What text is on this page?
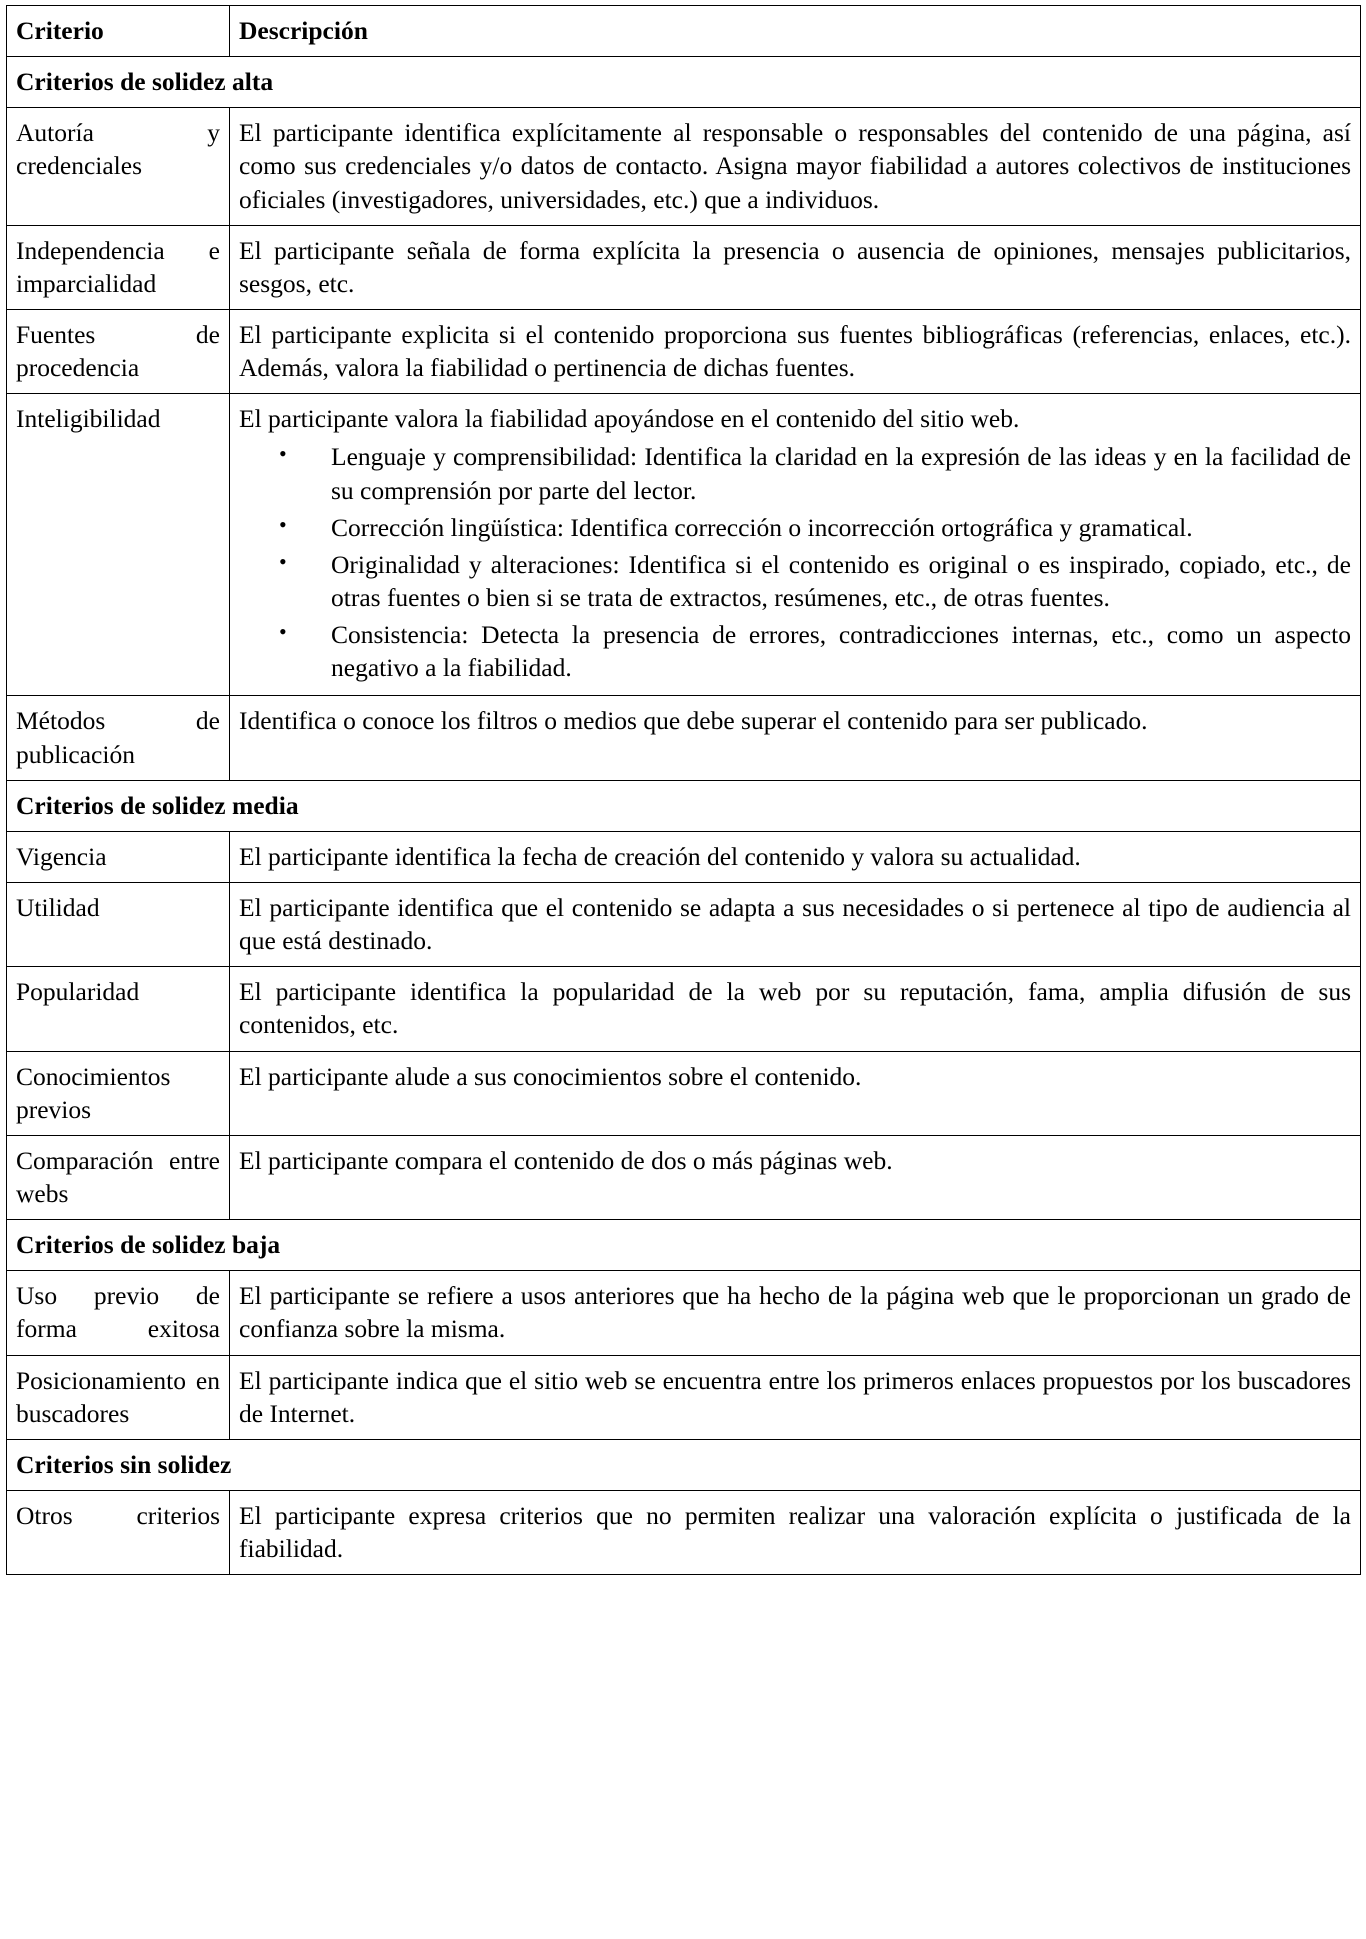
Criterio	Descripción
Criterios de solidez alta	
Autoría y credenciales	El participante identifica explícitamente al responsable o responsables del contenido de una página, así como sus credenciales y/o datos de contacto. Asigna mayor fiabilidad a autores colectivos de instituciones oficiales (investigadores, universidades, etc.) que a individuos.

Independencia e imparcialidad	El participante señala de forma explícita la presencia o ausencia de opiniones, mensajes publicitarios, sesgos, etc.

Fuentes de procedencia	El participante explicita si el contenido proporciona sus fuentes bibliográficas (referencias, enlaces, etc.). Además, valora la fiabilidad o pertinencia de dichas fuentes.

Inteligibilidad	El participante valora la fiabilidad apoyándose en el contenido del sitio web.

• Lenguaje y comprensibilidad: Identifica la claridad en la expresión de las ideas y en la facilidad de su comprensión por parte del lector.
• Corrección lingüística: Identifica corrección o incorrección ortográfica y gramatical.
• Originalidad y alteraciones: Identifica si el contenido es original o es inspirado, copiado, etc., de otras fuentes o bien si se trata de extractos, resúmenes, etc., de otras fuentes.
• Consistencia: Detecta la presencia de errores, contradicciones internas, etc., como un aspecto negativo a la fiabilidad.

Métodos de publicación	Identifica o conoce los filtros o medios que debe superar el contenido para ser publicado.

Criterios de solidez media	
Vigencia	El participante identifica la fecha de creación del contenido y valora su actualidad.

Utilidad	El participante identifica que el contenido se adapta a sus necesidades o si pertenece al tipo de audiencia al que está destinado.

Popularidad	El participante identifica la popularidad de la web por su reputación, fama, amplia difusión de sus contenidos, etc.

Conocimientos previos	El participante alude a sus conocimientos sobre el contenido.

Comparación entre webs	El participante compara el contenido de dos o más páginas web.

Criterios de solidez baja	
Uso previo de forma exitosa	El participante se refiere a usos anteriores que ha hecho de la página web que le proporcionan un grado de confianza sobre la misma.

Posicionamiento en buscadores	El participante indica que el sitio web se encuentra entre los primeros enlaces propuestos por los buscadores de Internet.

Criterios sin solidez	
Otros criterios	El participante expresa criterios que no permiten realizar una valoración explícita o justificada de la fiabilidad.
